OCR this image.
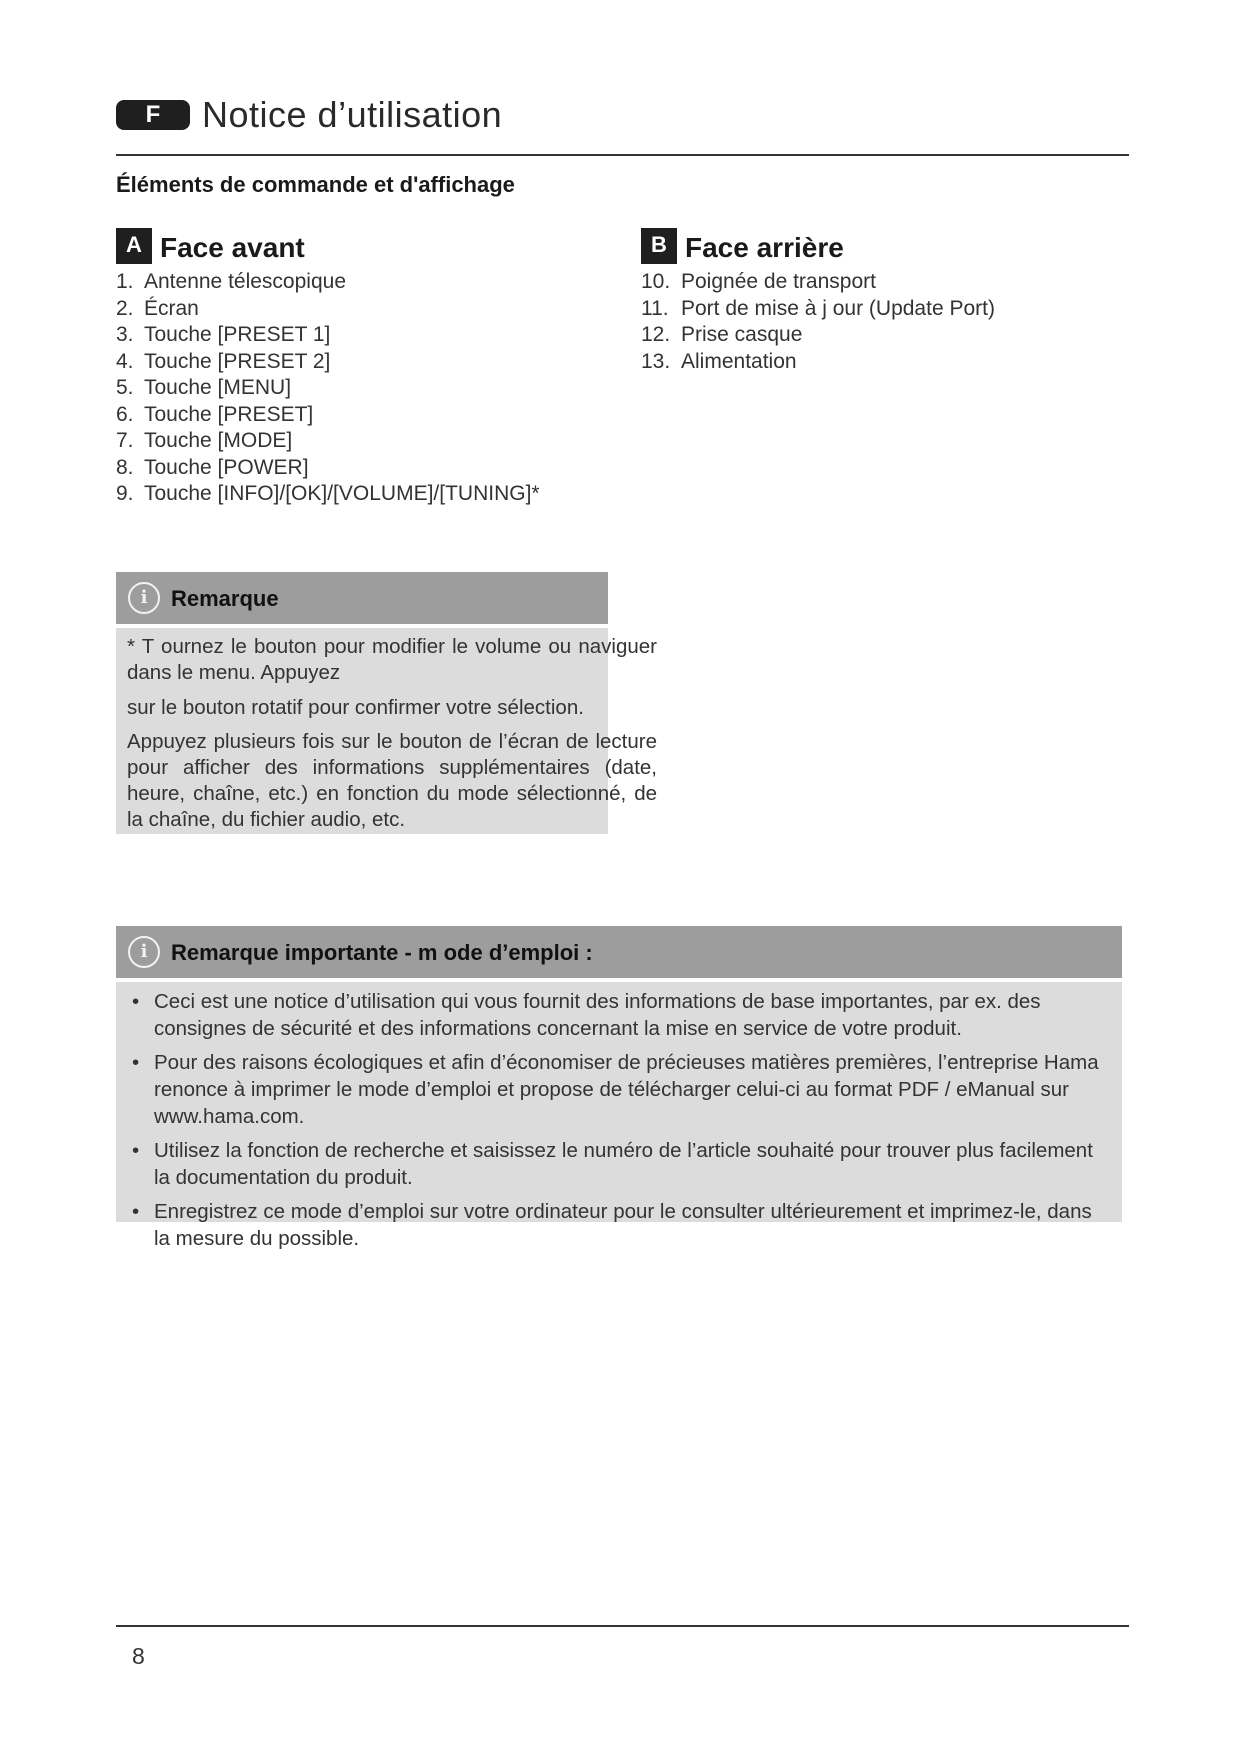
F	Notice d’utilisation
Éléments de commande et d'affichage
A Face avant
1. Antenne télescopique
2. Écran
3. Touche [PRESET 1]
4. Touche [PRESET 2]
5. Touche [MENU]
6. Touche [PRESET]
7. Touche [MODE]
8. Touche [POWER]
9. Touche [INFO]/[OK]/[VOLUME]/[TUNING]*
B Face arrière
10. Poignée de transport
11. Port de mise à j our (Update Port)
12. Prise casque
13. Alimentation
i	Remarque
* T ournez le bouton pour modifier le volume ou naviguer dans le menu. Appuyez
sur le bouton rotatif pour confirmer votre sélection.
Appuyez plusieurs fois sur le bouton de l’écran de lecture pour afficher des informations supplémentaires (date, heure, chaîne, etc.) en fonction du mode sélectionné, de la chaîne, du fichier audio, etc.
i	Remarque importante - m ode d’emploi :
• Ceci est une notice d’utilisation qui vous fournit des informations de base importantes, par ex. des consignes de sécurité et des informations concernant la mise en service de votre produit.
• Pour des raisons écologiques et afin d’économiser de précieuses matières premières, l’entreprise Hama renonce à imprimer le mode d’emploi et propose de télécharger celui-ci au format PDF / eManual sur www.hama.com.
• Utilisez la fonction de recherche et saisissez le numéro de l’article souhaité pour trouver plus facilement la documentation du produit.
• Enregistrez ce mode d’emploi sur votre ordinateur pour le consulter ultérieurement et imprimez-le, dans la mesure du possible.
8
